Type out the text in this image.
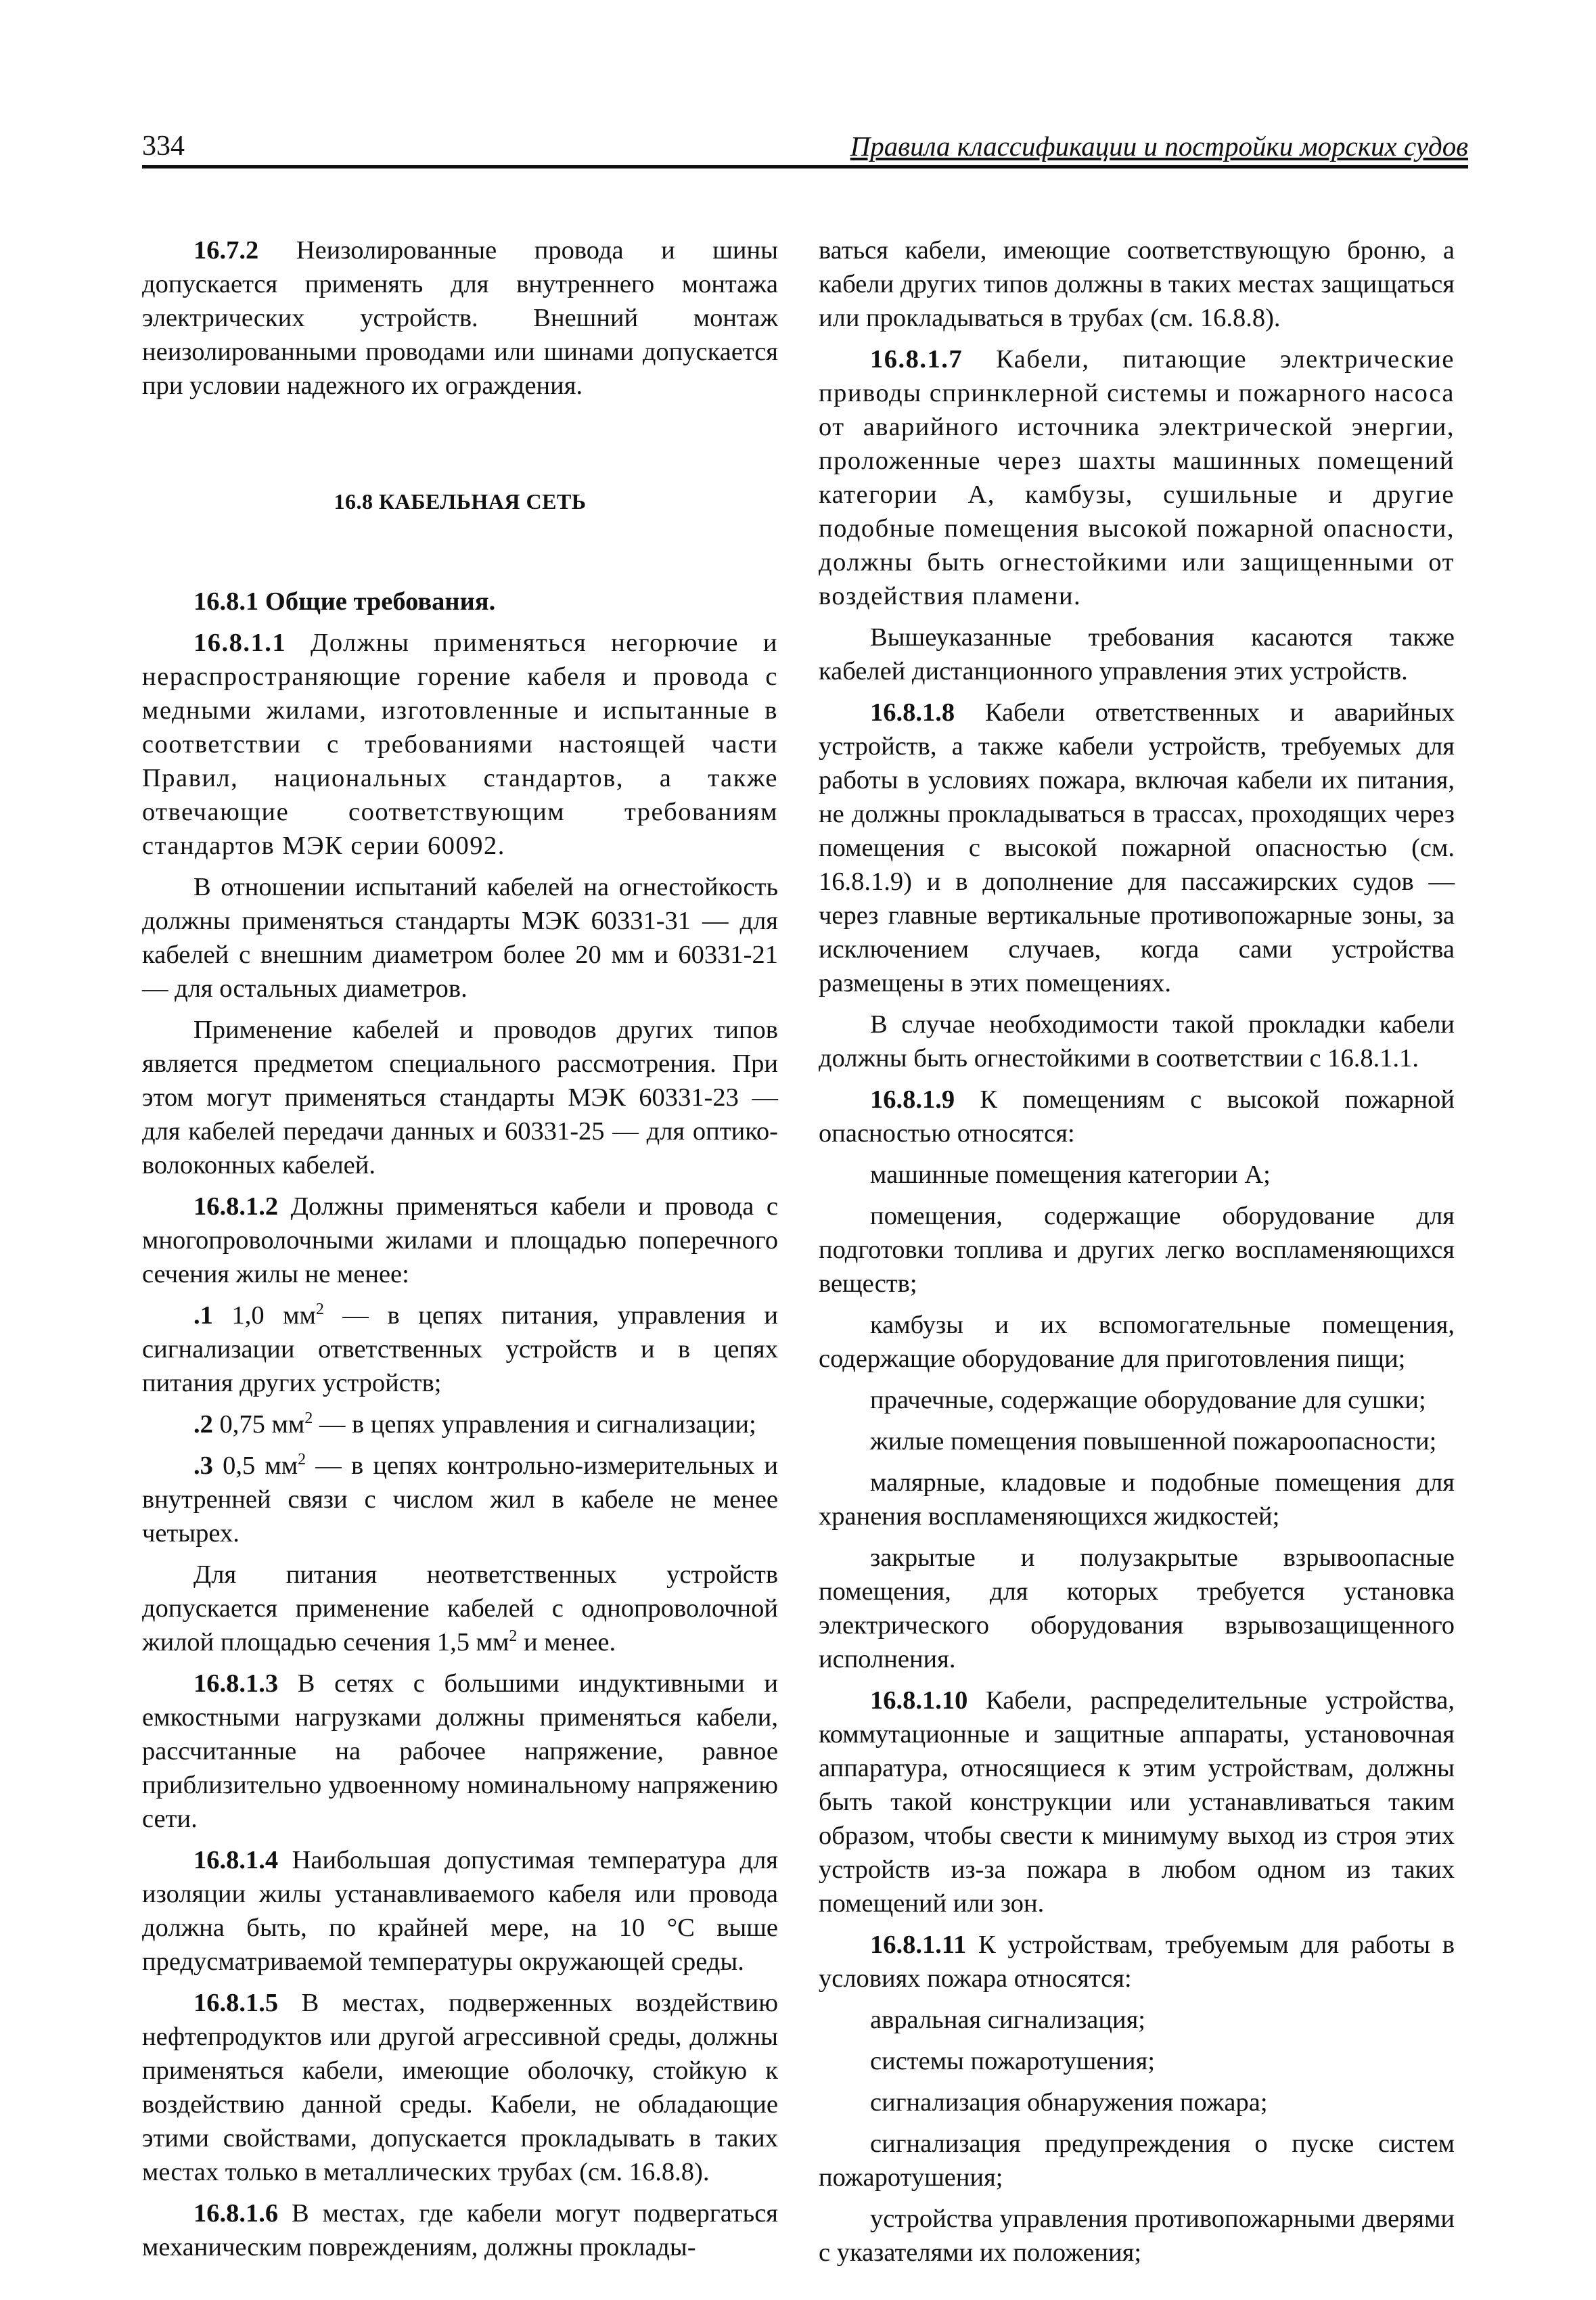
334	Правила классификации и постройки морских судов

16.7.2 Неизолированные провода и шины допускается применять для внутреннего монтажа электрических устройств. Внешний монтаж неизолированными проводами или шинами допускается при условии надежного их ограждения.

16.8 КАБЕЛЬНАЯ СЕТЬ

16.8.1 Общие требования.

16.8.1.1 Должны применяться негорючие и нераспространяющие горение кабеля и провода с медными жилами, изготовленные и испытанные в соответствии с требованиями настоящей части Правил, национальных стандартов, а также отвечающие соответствующим требованиям стандартов МЭК серии 60092.

В отношении испытаний кабелей на огнестойкость должны применяться стандарты МЭК 60331-31 — для кабелей с внешним диаметром более 20 мм и 60331-21 — для остальных диаметров.

Применение кабелей и проводов других типов является предметом специального рассмотрения. При этом могут применяться стандарты МЭК 60331-23 — для кабелей передачи данных и 60331-25 — для оптико-волоконных кабелей.

16.8.1.2 Должны применяться кабели и провода с многопроволочными жилами и площадью поперечного сечения жилы не менее:

.1 1,0 $мм^2$ — в цепях питания, управления и сигнализации ответственных устройств и в цепях питания других устройств;

.2 0,75 $мм^2$ — в цепях управления и сигнализации;

.3 0,5 $мм^2$ — в цепях контрольно-измерительных и внутренней связи с числом жил в кабеле не менее четырех.

Для питания неответственных устройств допускается применение кабелей с однопроволочной жилой площадью сечения 1,5 $мм^2$ и менее.

16.8.1.3 В сетях с большими индуктивными и емкостными нагрузками должны применяться кабели, рассчитанные на рабочее напряжение, равное приблизительно удвоенному номинальному напряжению сети.

16.8.1.4 Наибольшая допустимая температура для изоляции жилы устанавливаемого кабеля или провода должна быть, по крайней мере, на 10 °С выше предусматриваемой температуры окружающей среды.

16.8.1.5 В местах, подверженных воздействию нефтепродуктов или другой агрессивной среды, должны применяться кабели, имеющие оболочку, стойкую к воздействию данной среды. Кабели, не обладающие этими свойствами, допускается прокладывать в таких местах только в металлических трубах (см. 16.8.8).

16.8.1.6 В местах, где кабели могут подвергаться механическим повреждениям, должны проклады-

ваться кабели, имеющие соответствующую броню, а кабели других типов должны в таких местах защищаться или прокладываться в трубах (см. 16.8.8).

16.8.1.7 Кабели, питающие электрические приводы спринклерной системы и пожарного насоса от аварийного источника электрической энергии, проложенные через шахты машинных помещений категории А, камбузы, сушильные и другие подобные помещения высокой пожарной опасности, должны быть огнестойкими или защищенными от воздействия пламени.

Вышеуказанные требования касаются также кабелей дистанционного управления этих устройств.

16.8.1.8 Кабели ответственных и аварийных устройств, а также кабели устройств, требуемых для работы в условиях пожара, включая кабели их питания, не должны прокладываться в трассах, проходящих через помещения с высокой пожарной опасностью (см. 16.8.1.9) и в дополнение для пассажирских судов — через главные вертикальные противопожарные зоны, за исключением случаев, когда сами устройства размещены в этих помещениях.

В случае необходимости такой прокладки кабели должны быть огнестойкими в соответствии с 16.8.1.1.

16.8.1.9 К помещениям с высокой пожарной опасностью относятся:

машинные помещения категории А;

помещения, содержащие оборудование для подготовки топлива и других легко воспламеняющихся веществ;

камбузы и их вспомогательные помещения, содержащие оборудование для приготовления пищи;

прачечные, содержащие оборудование для сушки;

жилые помещения повышенной пожароопасности;

малярные, кладовые и подобные помещения для хранения воспламеняющихся жидкостей;

закрытые и полузакрытые взрывоопасные помещения, для которых требуется установка электрического оборудования взрывозащищенного исполнения.

16.8.1.10 Кабели, распределительные устройства, коммутационные и защитные аппараты, установочная аппаратура, относящиеся к этим устройствам, должны быть такой конструкции или устанавливаться таким образом, чтобы свести к минимуму выход из строя этих устройств из-за пожара в любом одном из таких помещений или зон.

16.8.1.11 К устройствам, требуемым для работы в условиях пожара относятся:

авральная сигнализация;

системы пожаротушения;

сигнализация обнаружения пожара;

сигнализация предупреждения о пуске систем пожаротушения;

устройства управления противопожарными дверями с указателями их положения;
